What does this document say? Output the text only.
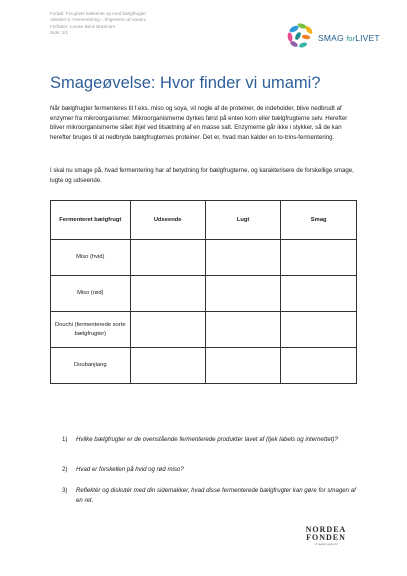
Forløb: Fra grønt køkkenet op med bælgfrugter
Aktivitet 5: Fermentering – fingereren af umami
Forfatter: Louise Beck Brønnum
Side: 1/1
SMAG forLIVET
Smageøvelse: Hvor finder vi umami?
Når bælgfrugter fermenteres til f.eks. miso og soya, vil nogle af de proteiner, de indeholder, blive nedbrudt af enzymer fra mikroorganismer. Mikroorganismerne dyrkes først på enten korn eller bælgfrugterne selv. Herefter bliver mikroorganismerne slået ihjel ved tilsætning af en masse salt. Enzymerne går ikke i stykker, så de kan herefter bruges til at nedbryde bælgfrugternes proteiner. Det er, hvad man kalder en to-trins-fermentering.
I skal nu smage på, hvad fermentering har af betydning for bælgfrugterne, og karakterisere de forskellige smage, lugte og udseende.
Fermenteret bælgfrugt	Udseende	Lugt	Smag
Miso (hvid)			
Miso (rød)			
Douchi (fermenterede sorte bælgfrugter)			
Doubanjiang			
1) Hvilke bælgfrugter er de ovenstående fermenterede produkter lavet af (tjek labels og internettet)?
2) Hvad er forskellen på hvid og rød miso?
3) Reflektér og diskutér med din sidemakker, hvad disse fermenterede bælgfrugter kan gøre for smagen af en ret.
NORDEA
FONDEN
Vi støtter gode liv
